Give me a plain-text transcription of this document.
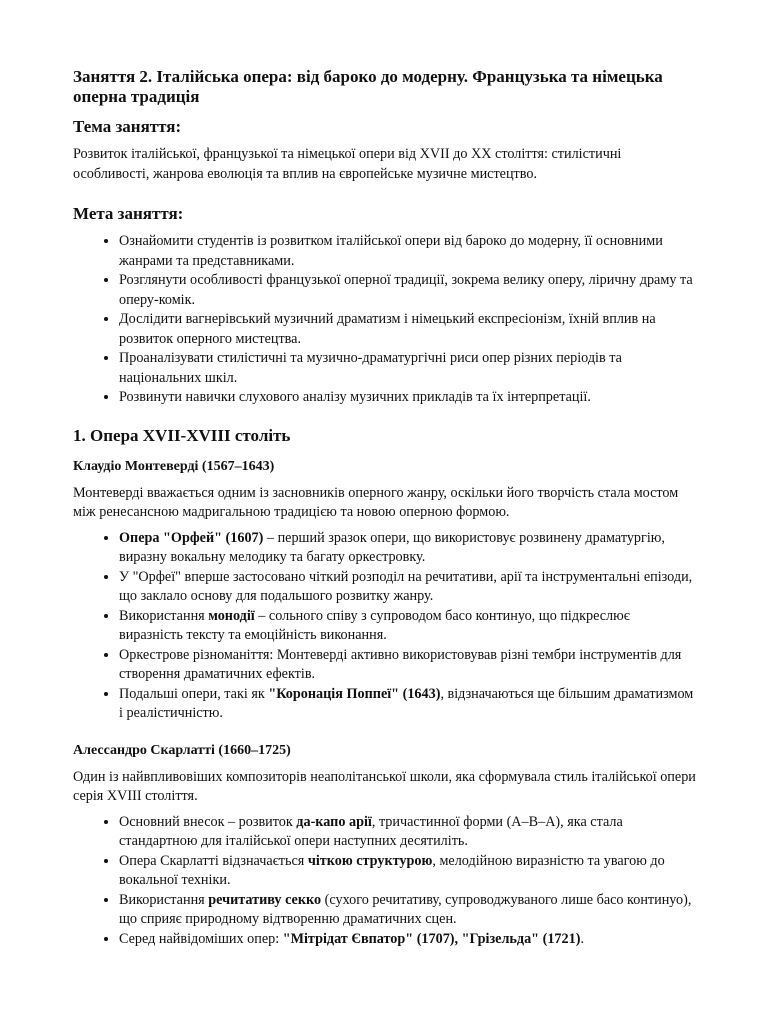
Заняття 2. Італійська опера: від бароко до модерну. Французька та німецька оперна традиція
Тема заняття:

Розвиток італійської, французької та німецької опери від XVII до XX століття: стилістичні особливості, жанрова еволюція та вплив на європейське музичне мистецтво.

Мета заняття:
• Ознайомити студентів із розвитком італійської опери від бароко до модерну, її основними жанрами та представниками.
• Розглянути особливості французької оперної традиції, зокрема велику оперу, ліричну драму та оперу-комік.
• Дослідити вагнерівський музичний драматизм і німецький експресіонізм, їхній вплив на розвиток оперного мистецтва.
• Проаналізувати стилістичні та музично-драматургічні риси опер різних періодів та національних шкіл.
• Розвинути навички слухового аналізу музичних прикладів та їх інтерпретації.
1. Опера XVII-XVIII століть
Клаудіо Монтеверді (1567–1643)

Монтеверді вважається одним із засновників оперного жанру, оскільки його творчість стала мостом між ренесансною мадригальною традицією та новою оперною формою.

• Опера "Орфей" (1607) – перший зразок опери, що використовує розвинену драматургію, виразну вокальну мелодику та багату оркестровку.
• У "Орфеї" вперше застосовано чіткий розподіл на речитативи, арії та інструментальні епізоди, що заклало основу для подальшого розвитку жанру.
• Використання монодії – сольного співу з супроводом басо континуо, що підкреслює виразність тексту та емоційність виконання.
• Оркестрове різноманіття: Монтеверді активно використовував різні тембри інструментів для створення драматичних ефектів.
• Подальші опери, такі як "Коронація Поппеї" (1643), відзначаються ще більшим драматизмом і реалістичністю.
Алессандро Скарлатті (1660–1725)

Один із найвпливовіших композиторів неаполітанської школи, яка сформувала стиль італійської опери серія XVIII століття.

• Основний внесок – розвиток да-капо арії, тричастинної форми (А–В–А), яка стала стандартною для італійської опери наступних десятиліть.
• Опера Скарлатті відзначається чіткою структурою, мелодійною виразністю та увагою до вокальної техніки.
• Використання речитативу секко (сухого речитативу, супроводжуваного лише басо континуо), що сприяє природному відтворенню драматичних сцен.
• Серед найвідоміших опер: "Мітрідат Євпатор" (1707), "Грізельда" (1721).
